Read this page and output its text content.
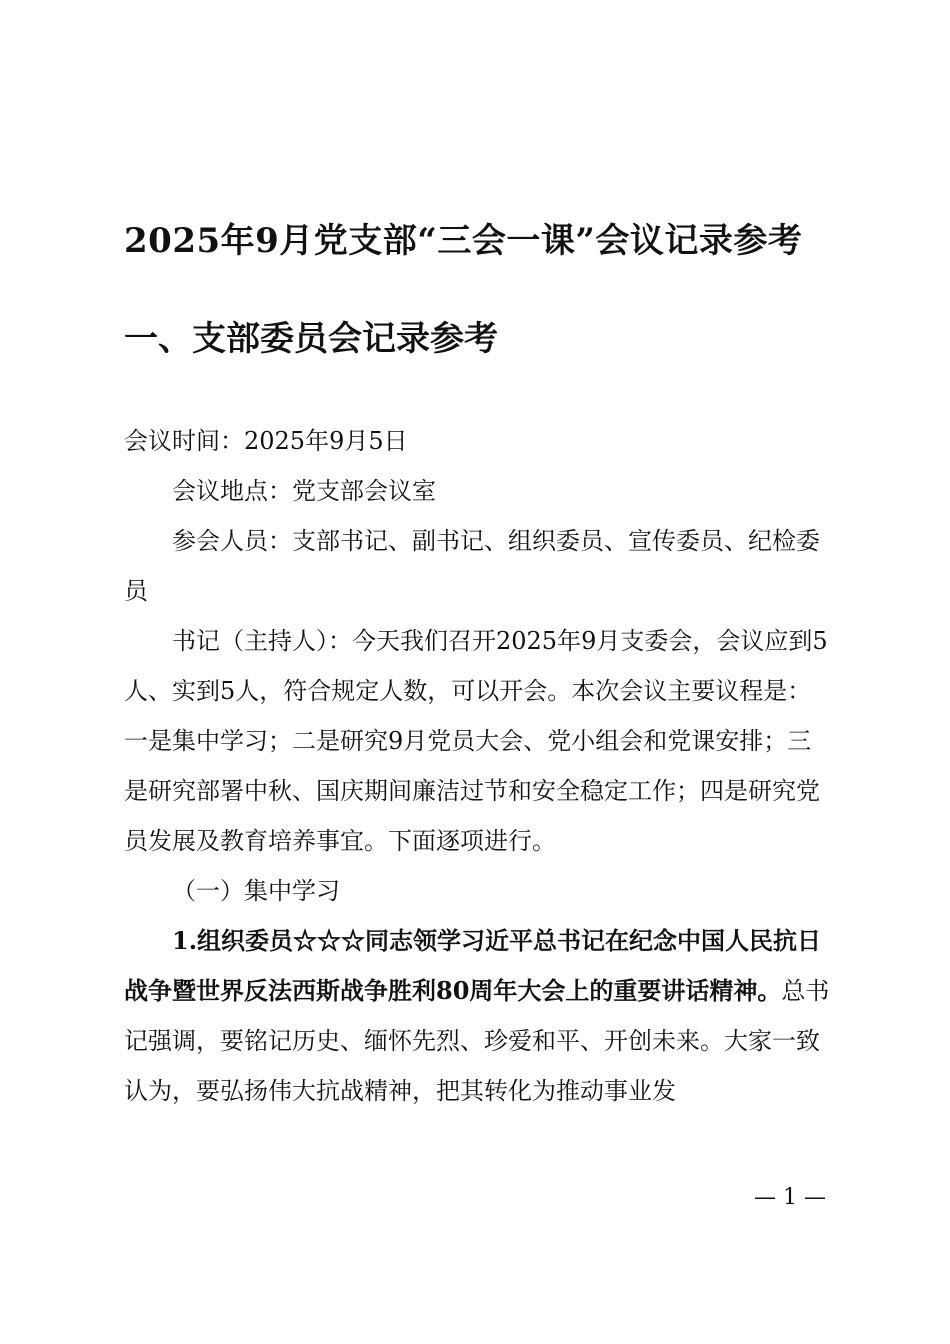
2025年9月党支部“三会一课”会议记录参考
一、支部委员会记录参考

会议时间：2025年9月5日

会议地点：党支部会议室

参会人员：支部书记、副书记、组织委员、宣传委员、纪检委员

书记（主持人）：今天我们召开2025年9月支委会，会议应到5人、实到5人，符合规定人数，可以开会。本次会议主要议程是：一是集中学习；二是研究9月党员大会、党小组会和党课安排；三是研究部署中秋、国庆期间廉洁过节和安全稳定工作；四是研究党员发展及教育培养事宜。下面逐项进行。

（一）集中学习

1.组织委员☆☆☆同志领学习近平总书记在纪念中国人民抗日战争暨世界反法西斯战争胜利80周年大会上的重要讲话精神。总书记强调，要铭记历史、缅怀先烈、珍爱和平、开创未来。大家一致认为，要弘扬伟大抗战精神，把其转化为推动事业发

— 1 —
